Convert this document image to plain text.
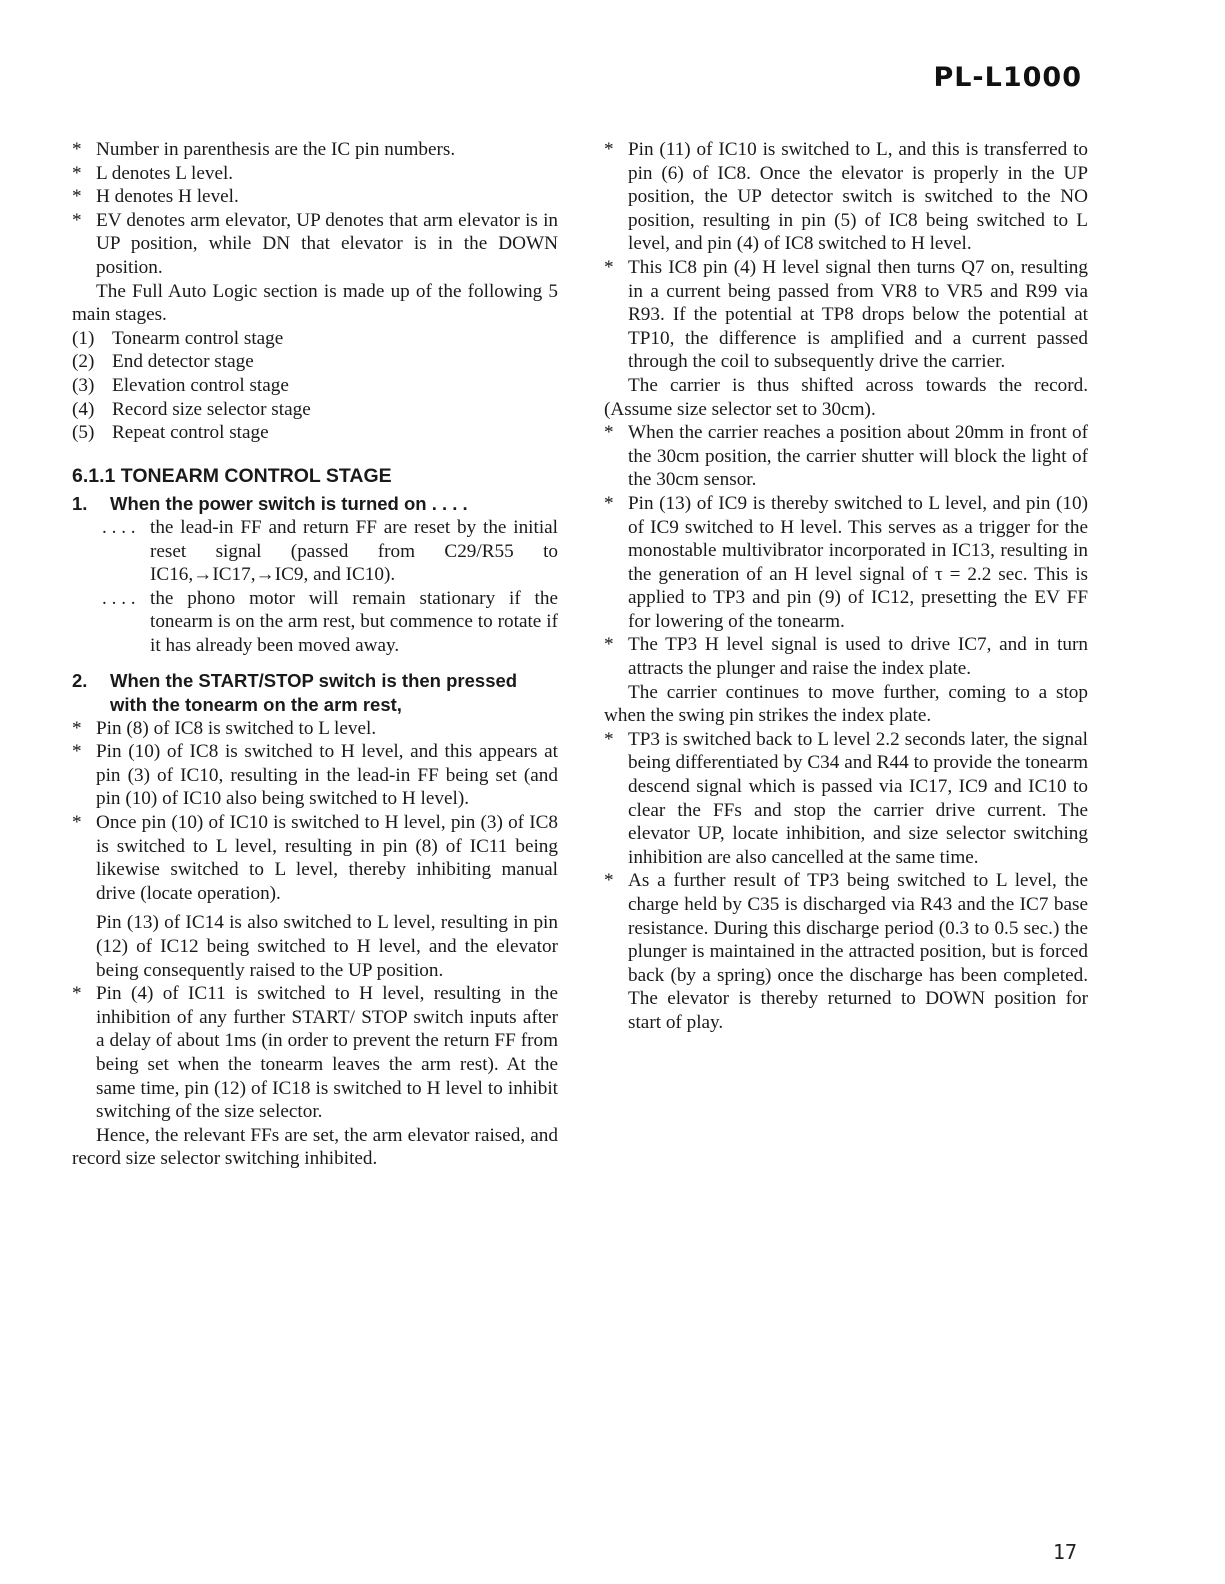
PL-L1000
* Number in parenthesis are the IC pin numbers.
* L denotes L level.
* H denotes H level.
* EV denotes arm elevator, UP denotes that arm elevator is in UP position, while DN that elevator is in the DOWN position.
The Full Auto Logic section is made up of the following 5 main stages.
(1) Tonearm control stage
(2) End detector stage
(3) Elevation control stage
(4) Record size selector stage
(5) Repeat control stage
6.1.1 TONEARM CONTROL STAGE
1. When the power switch is turned on . . . .
. . . . the lead-in FF and return FF are reset by the initial reset signal (passed from C29/R55 to IC16,→IC17,→IC9, and IC10).
. . . . the phono motor will remain stationary if the tonearm is on the arm rest, but commence to rotate if it has already been moved away.
2. When the START/STOP switch is then pressed with the tonearm on the arm rest,
* Pin (8) of IC8 is switched to L level.
* Pin (10) of IC8 is switched to H level, and this appears at pin (3) of IC10, resulting in the lead-in FF being set (and pin (10) of IC10 also being switched to H level).
* Once pin (10) of IC10 is switched to H level, pin (3) of IC8 is switched to L level, resulting in pin (8) of IC11 being likewise switched to L level, thereby inhibiting manual drive (locate operation).
Pin (13) of IC14 is also switched to L level, resulting in pin (12) of IC12 being switched to H level, and the elevator being consequently raised to the UP position.
* Pin (4) of IC11 is switched to H level, resulting in the inhibition of any further START/ STOP switch inputs after a delay of about 1ms (in order to prevent the return FF from being set when the tonearm leaves the arm rest). At the same time, pin (12) of IC18 is switched to H level to inhibit switching of the size selector.
Hence, the relevant FFs are set, the arm elevator raised, and record size selector switching inhibited.
* Pin (11) of IC10 is switched to L, and this is transferred to pin (6) of IC8. Once the elevator is properly in the UP position, the UP detector switch is switched to the NO position, resulting in pin (5) of IC8 being switched to L level, and pin (4) of IC8 switched to H level.
* This IC8 pin (4) H level signal then turns Q7 on, resulting in a current being passed from VR8 to VR5 and R99 via R93. If the potential at TP8 drops below the potential at TP10, the difference is amplified and a current passed through the coil to subsequently drive the carrier.
The carrier is thus shifted across towards the record. (Assume size selector set to 30cm).
* When the carrier reaches a position about 20mm in front of the 30cm position, the carrier shutter will block the light of the 30cm sensor.
* Pin (13) of IC9 is thereby switched to L level, and pin (10) of IC9 switched to H level. This serves as a trigger for the monostable multivibrator incorporated in IC13, resulting in the generation of an H level signal of τ = 2.2 sec. This is applied to TP3 and pin (9) of IC12, presetting the EV FF for lowering of the tonearm.
* The TP3 H level signal is used to drive IC7, and in turn attracts the plunger and raise the index plate.
The carrier continues to move further, coming to a stop when the swing pin strikes the index plate.
* TP3 is switched back to L level 2.2 seconds later, the signal being differentiated by C34 and R44 to provide the tonearm descend signal which is passed via IC17, IC9 and IC10 to clear the FFs and stop the carrier drive current. The elevator UP, locate inhibition, and size selector switching inhibition are also cancelled at the same time.
* As a further result of TP3 being switched to L level, the charge held by C35 is discharged via R43 and the IC7 base resistance. During this discharge period (0.3 to 0.5 sec.) the plunger is maintained in the attracted position, but is forced back (by a spring) once the discharge has been completed. The elevator is thereby returned to DOWN position for start of play.
17
